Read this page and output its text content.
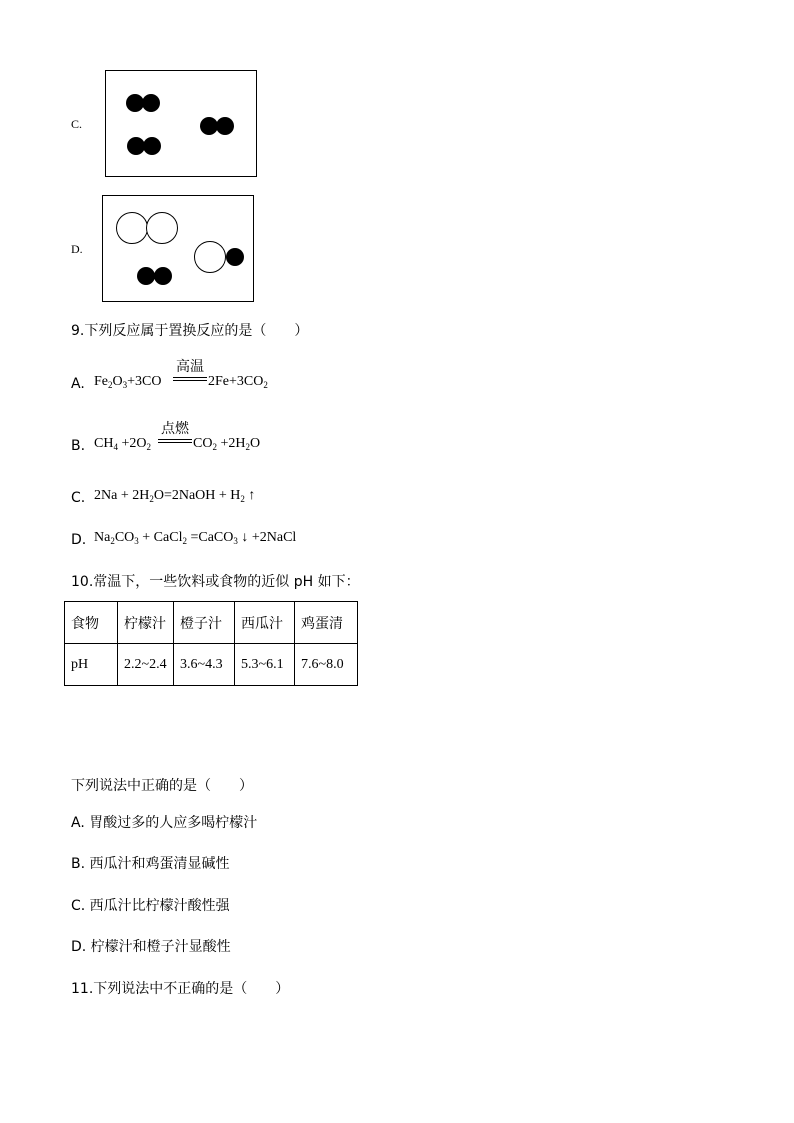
C.
D.
9.下列反应属于置换反应的是（　　）
A. $Fe_2O_3+3CO$
高温
$2Fe+3CO_2$
B. $CH_4 +2O_2$
点燃
$CO_2 +2H_2O$
C. $2Na + 2H_2O=2NaOH + H_2$ ↑
D. $Na_2CO_3$ + CaCl$_2$ =CaCO$_3$ ↓ +2NaCl
10.常温下，一些饮料或食物的近似 pH 如下：
食物	柠檬汁	橙子汁	西瓜汁	鸡蛋清
pH	2.2~2.4	3.6~4.3	5.3~6.1	7.6~8.0
下列说法中正确的是（　　）
A. 胃酸过多的人应多喝柠檬汁
B. 西瓜汁和鸡蛋清显碱性
C. 西瓜汁比柠檬汁酸性强
D. 柠檬汁和橙子汁显酸性
11.下列说法中不正确的是（　　）
